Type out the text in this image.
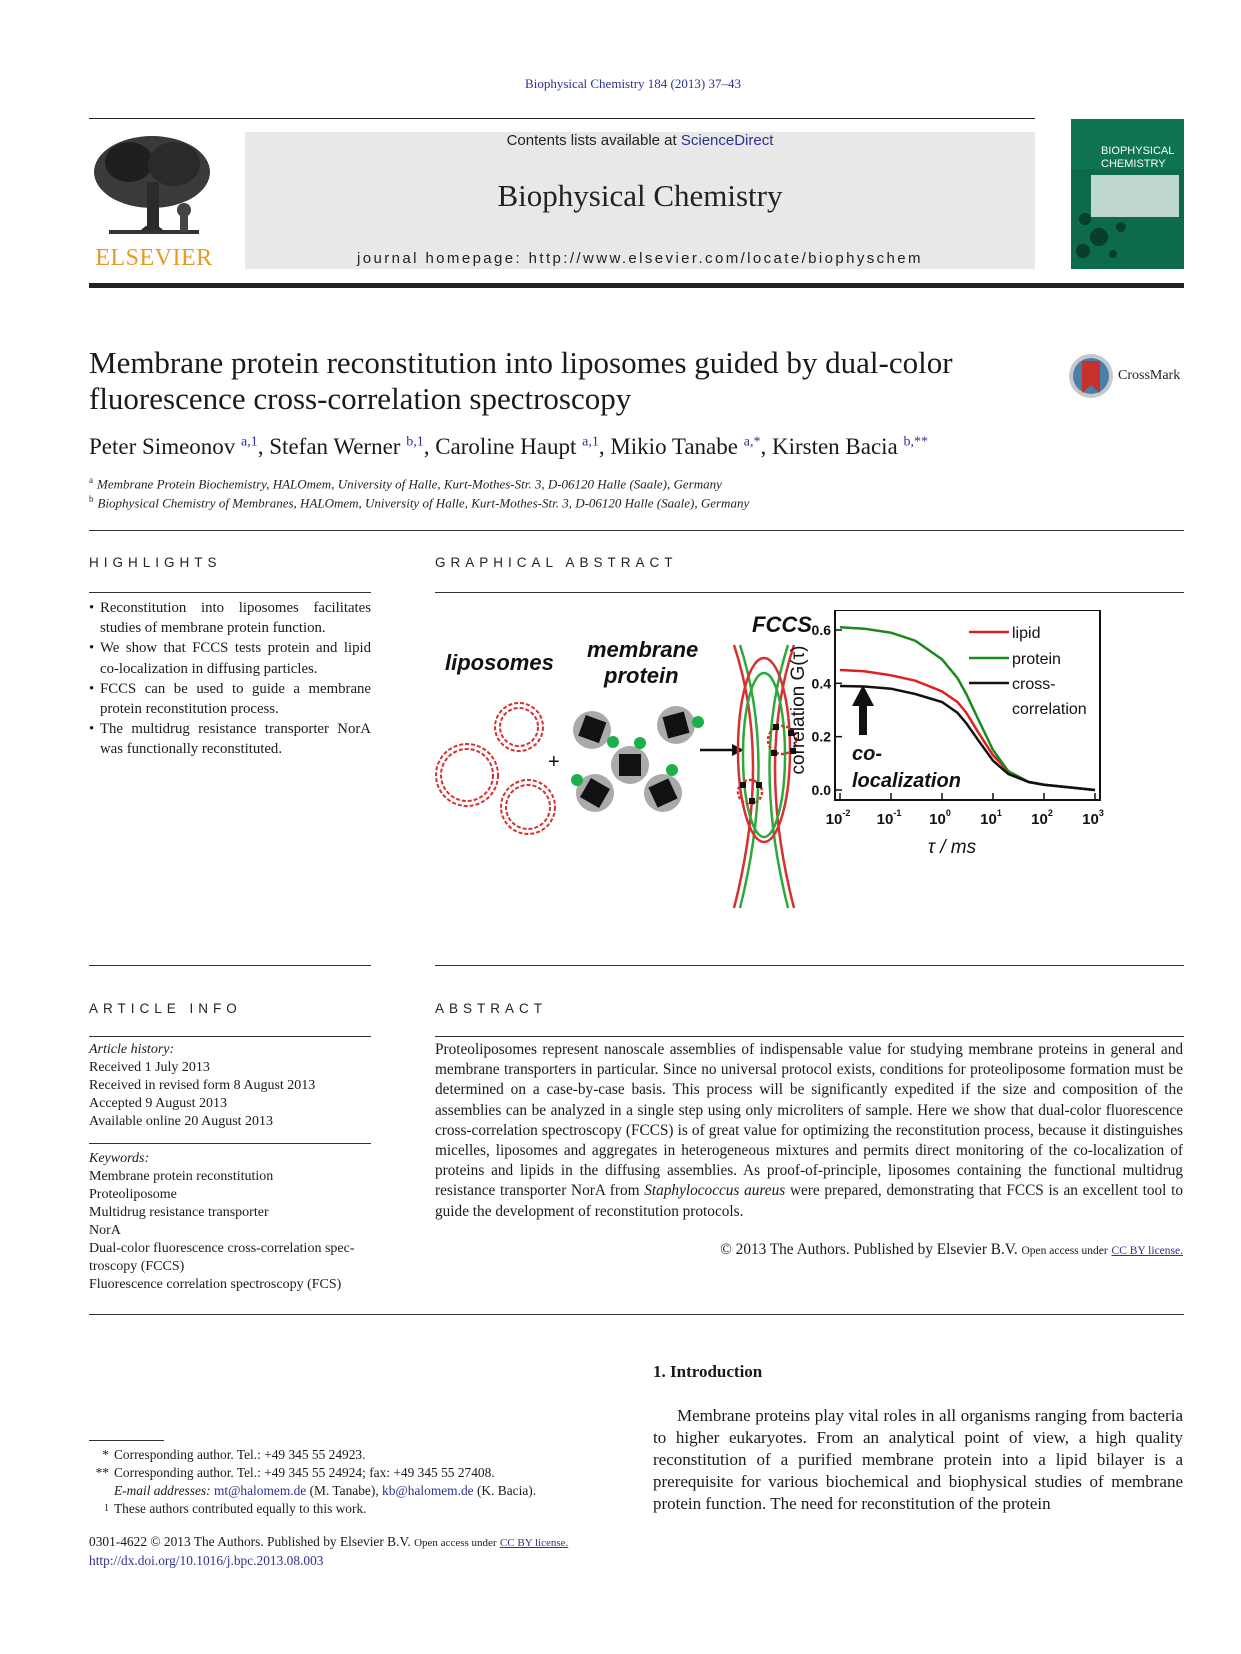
Biophysical Chemistry 184 (2013) 37–43
ELSEVIER
Contents lists available at ScienceDirect
Biophysical Chemistry
journal homepage: http://www.elsevier.com/locate/biophyschem
BIOPHYSICAL
CHEMISTRY
Membrane protein reconstitution into liposomes guided by dual-color fluorescence cross-correlation spectroscopy
CrossMark
Peter Simeonov $^{a,1}$, Stefan Werner $^{b,1}$, Caroline Haupt $^{a,1}$, Mikio Tanabe $^{a,*}$, Kirsten Bacia $^{b,**}$
$^a$ Membrane Protein Biochemistry, HALOmem, University of Halle, Kurt-Mothes-Str. 3, D-06120 Halle (Saale), Germany
$^b$ Biophysical Chemistry of Membranes, HALOmem, University of Halle, Kurt-Mothes-Str. 3, D-06120 Halle (Saale), Germany
HIGHLIGHTS

• Reconstitution into liposomes facilitates studies of membrane protein function.

• We show that FCCS tests protein and lipid co-localization in diffusing particles.

• FCCS can be used to guide a membrane protein reconstitution process.

• The multidrug resistance transporter NorA was functionally reconstituted.

GRAPHICAL ABSTRACT
liposomes
membrane
protein
FCCS
+
0.0
0.2
0.4
0.6
$10^{-2}$ $10^{-1}$ $10^0$ $10^1$ $10^2$ $10^3$
correlation G(τ)
τ / ms
lipid
protein
cross-
correlation
co-
localization
ARTICLE INFO
Article history:
Received 1 July 2013
Received in revised form 8 August 2013
Accepted 9 August 2013
Available online 20 August 2013
Keywords:
Membrane protein reconstitution
Proteoliposome
Multidrug resistance transporter
NorA
Dual-color fluorescence cross-correlation spec-
troscopy (FCCS)
Fluorescence correlation spectroscopy (FCS)
ABSTRACT
Proteoliposomes represent nanoscale assemblies of indispensable value for studying membrane proteins in general and membrane transporters in particular. Since no universal protocol exists, conditions for proteoliposome formation must be determined on a case-by-case basis. This process will be significantly expedited if the size and composition of the assemblies can be analyzed in a single step using only microliters of sample. Here we show that dual-color fluorescence cross-correlation spectroscopy (FCCS) is of great value for optimizing the reconstitution process, because it distinguishes micelles, liposomes and aggregates in heterogeneous mixtures and permits direct monitoring of the co-localization of proteins and lipids in the diffusing assemblies. As proof-of-principle, liposomes containing the functional multidrug resistance transporter NorA from Staphylococcus aureus were prepared, demonstrating that FCCS is an excellent tool to guide the development of reconstitution protocols.
© 2013 The Authors. Published by Elsevier B.V. Open access under CC BY license.
1. Introduction
Membrane proteins play vital roles in all organisms ranging from bacteria to higher eukaryotes. From an analytical point of view, a high quality reconstitution of a purified membrane protein into a lipid bilayer is a prerequisite for various biochemical and biophysical studies of membrane protein function. The need for reconstitution of the protein
* Corresponding author. Tel.: +49 345 55 24923.
** Corresponding author. Tel.: +49 345 55 24924; fax: +49 345 55 27408.
E-mail addresses: mt@halomem.de (M. Tanabe), kb@halomem.de (K. Bacia).
1 These authors contributed equally to this work.
0301-4622 © 2013 The Authors. Published by Elsevier B.V. Open access under CC BY license.
http://dx.doi.org/10.1016/j.bpc.2013.08.003
